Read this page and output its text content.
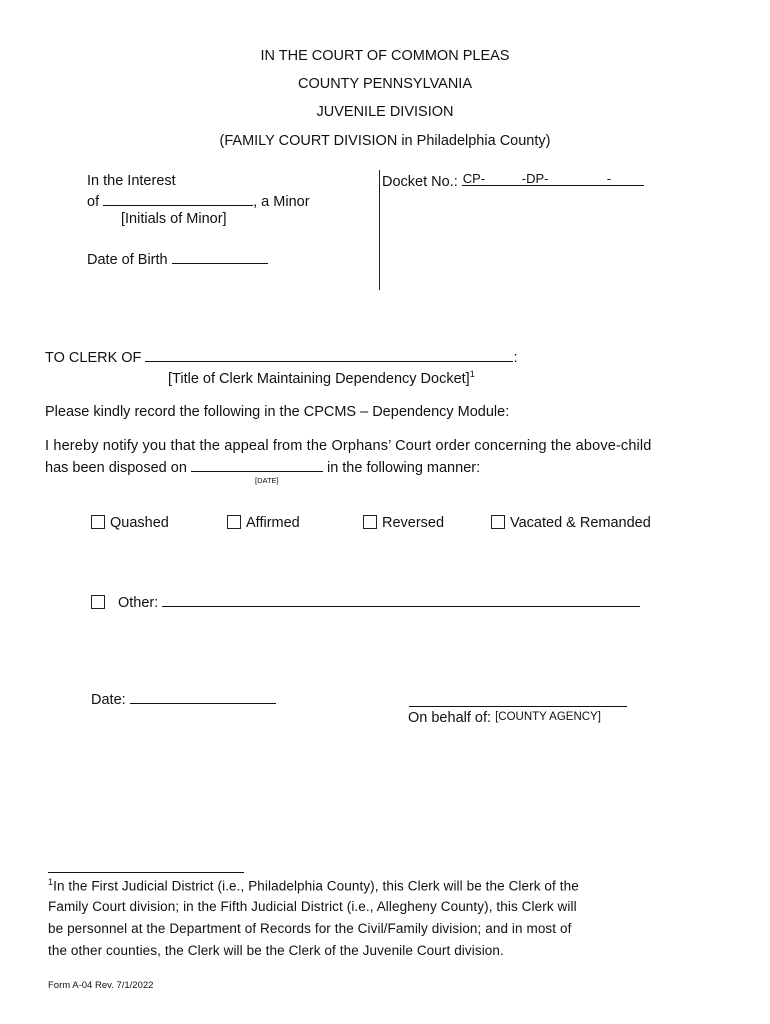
IN THE COURT OF COMMON PLEAS
COUNTY PENNSYLVANIA
JUVENILE DIVISION
(FAMILY COURT DIVISION in Philadelphia County)
In the Interest
of	, a Minor
[Initials of Minor]
Date of Birth
Docket No.: CP-	-DP-	-
TO CLERK OF	:
[Title of Clerk Maintaining Dependency Docket]$^1$
Please kindly record the following in the CPCMS – Dependency Module:
I hereby notify you that the appeal from the Orphans’ Court order concerning the above-child
has been disposed on	in the following manner:
[DATE]
Quashed	Affirmed	Reversed	Vacated & Remanded
Other:
Date:
On behalf of: [COUNTY AGENCY]
$^1$In the First Judicial District (i.e., Philadelphia County), this Clerk will be the Clerk of the
Family Court division; in the Fifth Judicial District (i.e., Allegheny County), this Clerk will
be personnel at the Department of Records for the Civil/Family division; and in most of
the other counties, the Clerk will be the Clerk of the Juvenile Court division.
Form A-04 Rev. 7/1/2022
